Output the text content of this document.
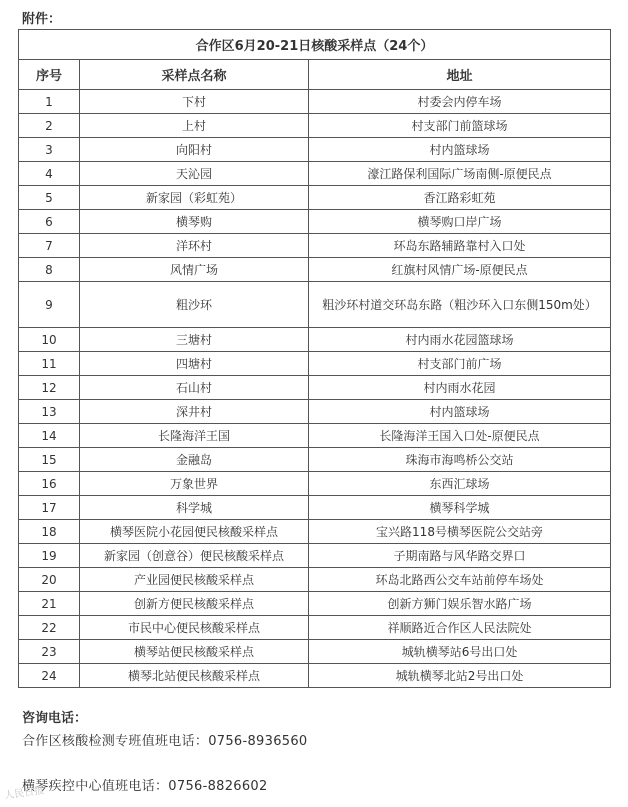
附件：
合作区6月20-21日核酸采样点（24个）		
序号	采样点名称	地址
1	下村	村委会内停车场
2	上村	村支部门前篮球场
3	向阳村	村内篮球场
4	天沁园	濠江路保利国际广场南侧-原便民点
5	新家园（彩虹苑）	香江路彩虹苑
6	横琴购	横琴购口岸广场
7	洋环村	环岛东路辅路靠村入口处
8	风情广场	红旗村风情广场-原便民点
9	粗沙环	粗沙环村道交环岛东路（粗沙环入口东侧150m处）
10	三塘村	村内雨水花园篮球场
11	四塘村	村支部门前广场
12	石山村	村内雨水花园
13	深井村	村内篮球场
14	长隆海洋王国	长隆海洋王国入口处-原便民点
15	金融岛	珠海市海鸣桥公交站
16	万象世界	东西汇球场
17	科学城	横琴科学城
18	横琴医院小花园便民核酸采样点	宝兴路118号横琴医院公交站旁
19	新家园（创意谷）便民核酸采样点	子期南路与风华路交界口
20	产业园便民核酸采样点	环岛北路西公交车站前停车场处
21	创新方便民核酸采样点	创新方狮门娱乐智水路广场
22	市民中心便民核酸采样点	祥顺路近合作区人民法院处
23	横琴站便民核酸采样点	城轨横琴站6号出口处
24	横琴北站便民核酸采样点	城轨横琴北站2号出口处
咨询电话：
合作区核酸检测专班值班电话：0756-8936560
横琴疾控中心值班电话：0756-8826602
人民日报
